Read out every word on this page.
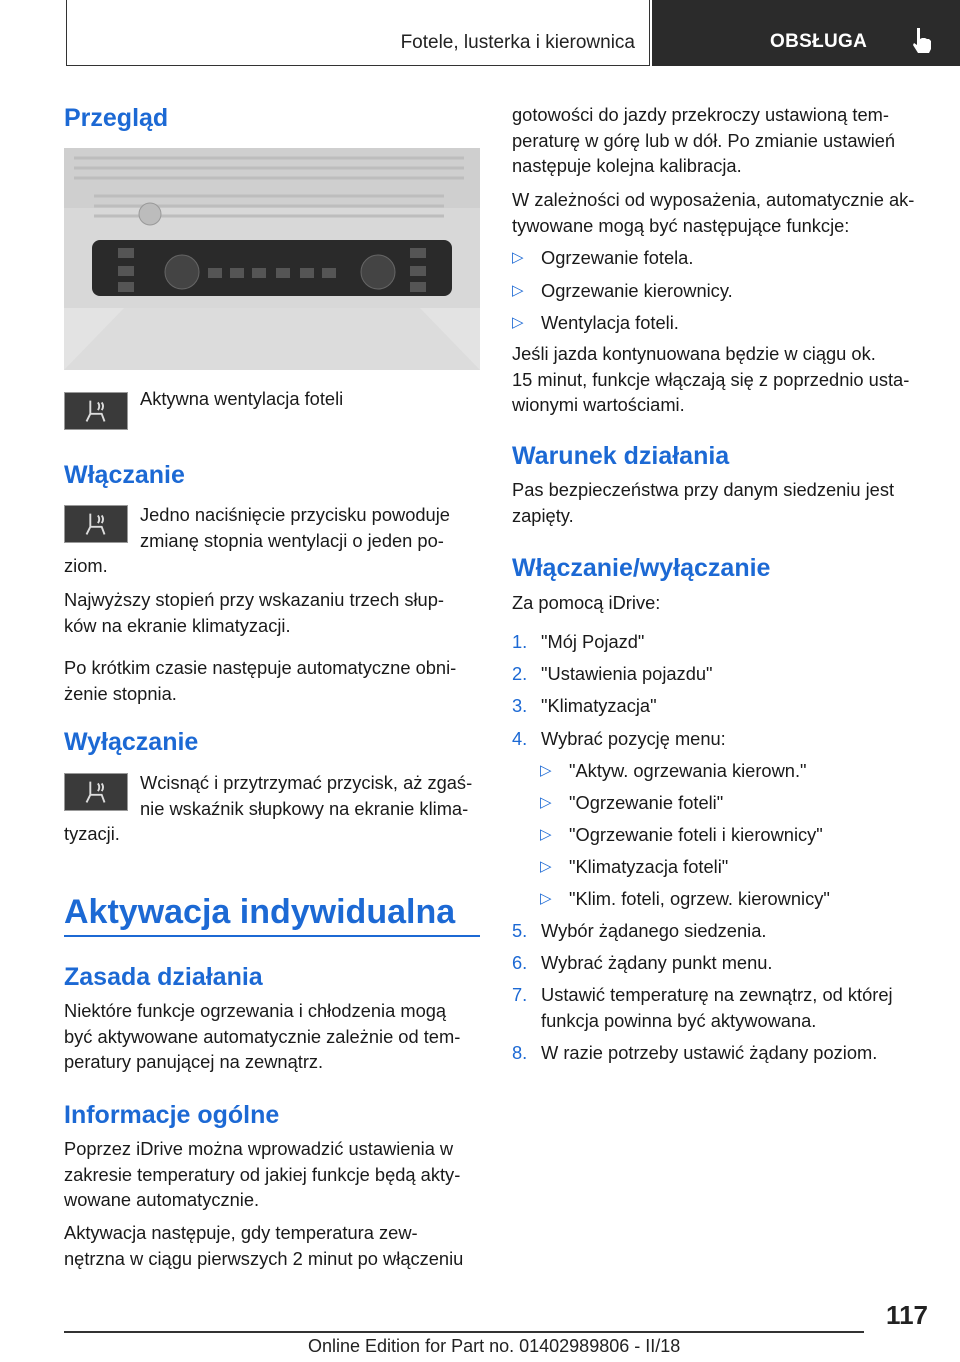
Fotele, lusterka i kierownica	OBSŁUGA
Przegląd
Aktywna wentylacja foteli
Włączanie
Jedno naciśnięcie przycisku powoduje
zmianę stopnia wentylacji o jeden po-
ziom.
Najwyższy stopień przy wskazaniu trzech słup-
ków na ekranie klimatyzacji.
Po krótkim czasie następuje automatyczne obni-
żenie stopnia.
Wyłączanie
Wcisnąć i przytrzymać przycisk, aż zgaś-
nie wskaźnik słupkowy na ekranie klima-
tyzacji.
Aktywacja indywidualna
Zasada działania
Niektóre funkcje ogrzewania i chłodzenia mogą
być aktywowane automatycznie zależnie od tem-
peratury panującej na zewnątrz.
Informacje ogólne
Poprzez iDrive można wprowadzić ustawienia w
zakresie temperatury od jakiej funkcje będą akty-
wowane automatycznie.
Aktywacja następuje, gdy temperatura zew-
nętrzna w ciągu pierwszych 2 minut po włączeniu
gotowości do jazdy przekroczy ustawioną tem-
peraturę w górę lub w dół. Po zmianie ustawień
następuje kolejna kalibracja.
W zależności od wyposażenia, automatycznie ak-
tywowane mogą być następujące funkcje:
▷ Ogrzewanie fotela.
▷ Ogrzewanie kierownicy.
▷ Wentylacja foteli.
Jeśli jazda kontynuowana będzie w ciągu ok.
15 minut, funkcje włączają się z poprzednio usta-
wionymi wartościami.
Warunek działania
Pas bezpieczeństwa przy danym siedzeniu jest
zapięty.
Włączanie/wyłączanie
Za pomocą iDrive:
1. "Mój Pojazd"
2. "Ustawienia pojazdu"
3. "Klimatyzacja"
4. Wybrać pozycję menu:
▷ "Aktyw. ogrzewania kierown."
▷ "Ogrzewanie foteli"
▷ "Ogrzewanie foteli i kierownicy"
▷ "Klimatyzacja foteli"
▷ "Klim. foteli, ogrzew. kierownicy"
5. Wybór żądanego siedzenia.
6. Wybrać żądany punkt menu.
7. Ustawić temperaturę na zewnątrz, od której
funkcja powinna być aktywowana.
8. W razie potrzeby ustawić żądany poziom.
117
Online Edition for Part no. 01402989806 - II/18
